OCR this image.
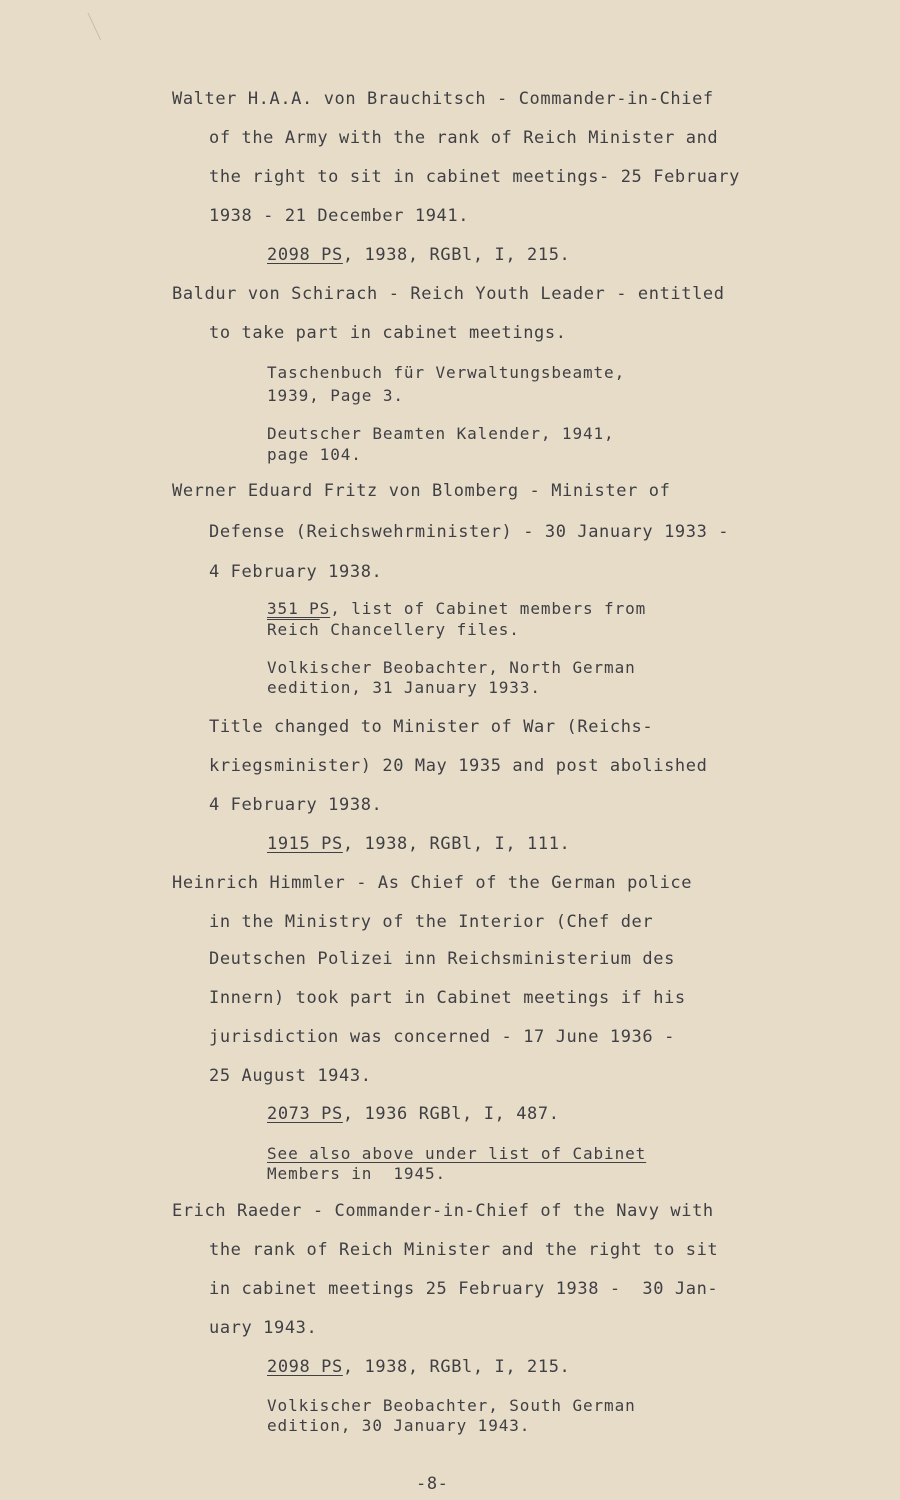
Walter H.A.A. von Brauchitsch - Commander-in-Chief
of the Army with the rank of Reich Minister and
the right to sit in cabinet meetings- 25 February
1938 - 21 December 1941.
2098 PS, 1938, RGBl, I, 215.
Baldur von Schirach - Reich Youth Leader - entitled
to take part in cabinet meetings.
Taschenbuch für Verwaltungsbeamte,
1939, Page 3.
Deutscher Beamten Kalender, 1941,
page 104.
Werner Eduard Fritz von Blomberg - Minister of
Defense (Reichswehrminister) - 30 January 1933 -
4 February 1938.
351 PS, list of Cabinet members from
Reich Chancellery files.
Volkischer Beobachter, North German
eedition, 31 January 1933.
Title changed to Minister of War (Reichs-
kriegsminister) 20 May 1935 and post abolished
4 February 1938.
1915 PS, 1938, RGBl, I, 111.
Heinrich Himmler - As Chief of the German police
in the Ministry of the Interior (Chef der
Deutschen Polizei inn Reichsministerium des
Innern) took part in Cabinet meetings if his
jurisdiction was concerned - 17 June 1936 -
25 August 1943.
2073 PS, 1936 RGBl, I, 487.
See also above under list of Cabinet
Members in  1945.
Erich Raeder - Commander-in-Chief of the Navy with
the rank of Reich Minister and the right to sit
in cabinet meetings 25 February 1938 -  30 Jan-
uary 1943.
2098 PS, 1938, RGBl, I, 215.
Volkischer Beobachter, South German
edition, 30 January 1943.
-8-
